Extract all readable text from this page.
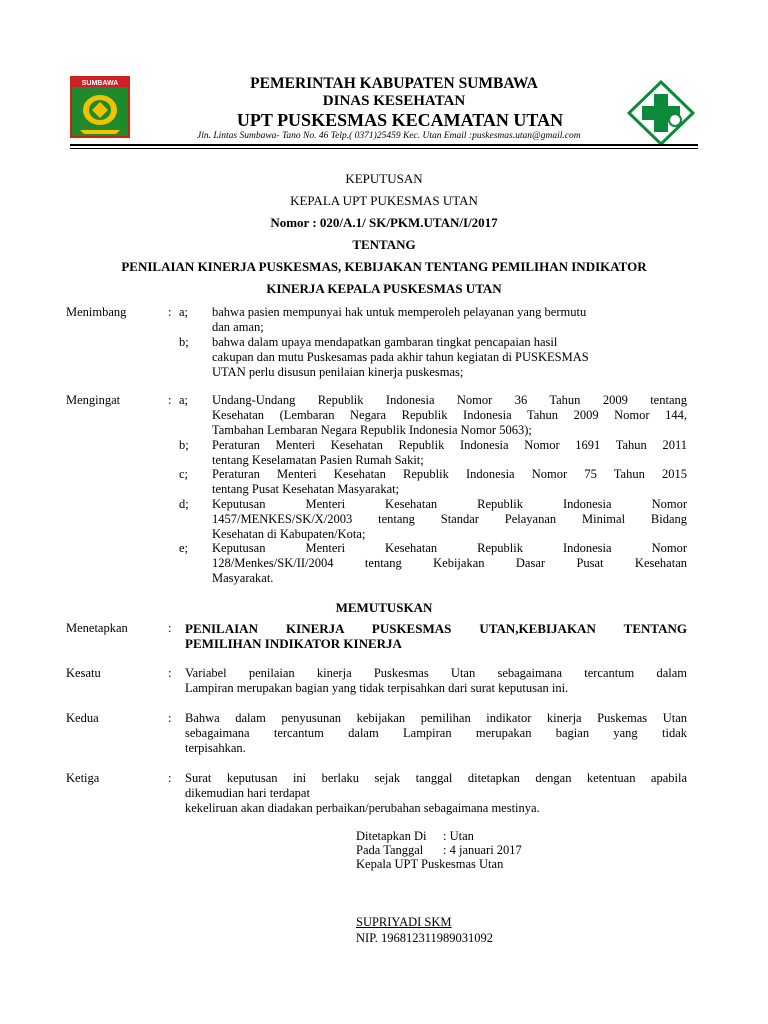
SUMBAWA	PEMERINTAH KABUPATEN SUMBAWA
DINAS KESEHATAN
UPT PUSKESMAS KECAMATAN UTAN
Jln. Lintas Sumbawa- Tano No. 46 Telp.( 0371)25459 Kec. Utan Email :puskesmas.utan@gmail.com
KEPUTUSAN
KEPALA UPT PUKESMAS UTAN
Nomor : 020/A.1/ SK/PKM.UTAN/I/2017
TENTANG
PENILAIAN KINERJA PUSKESMAS, KEBIJAKAN TENTANG PEMILIHAN INDIKATOR
KINERJA KEPALA PUSKESMAS UTAN
Menimbang	: a; bahwa pasien mempunyai hak untuk memperoleh pelayanan yang bermutu
dan aman;
b; bahwa dalam upaya mendapatkan gambaran tingkat pencapaian hasil
cakupan dan mutu Puskesamas pada akhir tahun kegiatan di PUSKESMAS
UTAN perlu disusun penilaian kinerja puskesmas;
Mengingat	: a; Undang-Undang Republik Indonesia Nomor 36 Tahun 2009 tentang
Kesehatan (Lembaran Negara Republik Indonesia Tahun 2009 Nomor 144,
Tambahan Lembaran Negara Republik Indonesia Nomor 5063);
b; Peraturan Menteri Kesehatan Republik Indonesia Nomor 1691 Tahun 2011
tentang Keselamatan Pasien Rumah Sakit;
c; Peraturan Menteri Kesehatan Republik Indonesia Nomor 75 Tahun 2015
tentang Pusat Kesehatan Masyarakat;
d; Keputusan Menteri Kesehatan Republik Indonesia Nomor
1457/MENKES/SK/X/2003 tentang Standar Pelayanan Minimal Bidang
Kesehatan di Kabupaten/Kota;
e; Keputusan Menteri Kesehatan Republik Indonesia Nomor
128/Menkes/SK/II/2004 tentang Kebijakan Dasar Pusat Kesehatan
Masyarakat.
MEMUTUSKAN
Menetapkan	: PENILAIAN KINERJA PUSKESMAS UTAN,KEBIJAKAN TENTANG
PEMILIHAN INDIKATOR KINERJA
Kesatu	: Variabel penilaian kinerja Puskesmas Utan sebagaimana tercantum dalam
Lampiran merupakan bagian yang tidak terpisahkan dari surat keputusan ini.
Kedua	: Bahwa dalam penyusunan kebijakan pemilihan indikator kinerja Puskemas Utan
sebagaimana tercantum dalam Lampiran merupakan bagian yang tidak
terpisahkan.
Ketiga	: Surat keputusan ini berlaku sejak tanggal ditetapkan dengan ketentuan apabila
dikemudian hari terdapat
kekeliruan akan diadakan perbaikan/perubahan sebagaimana mestinya.
Ditetapkan Di : Utan
Pada Tanggal : 4 januari 2017
Kepala UPT Puskesmas Utan
SUPRIYADI SKM
NIP. 196812311989031092
